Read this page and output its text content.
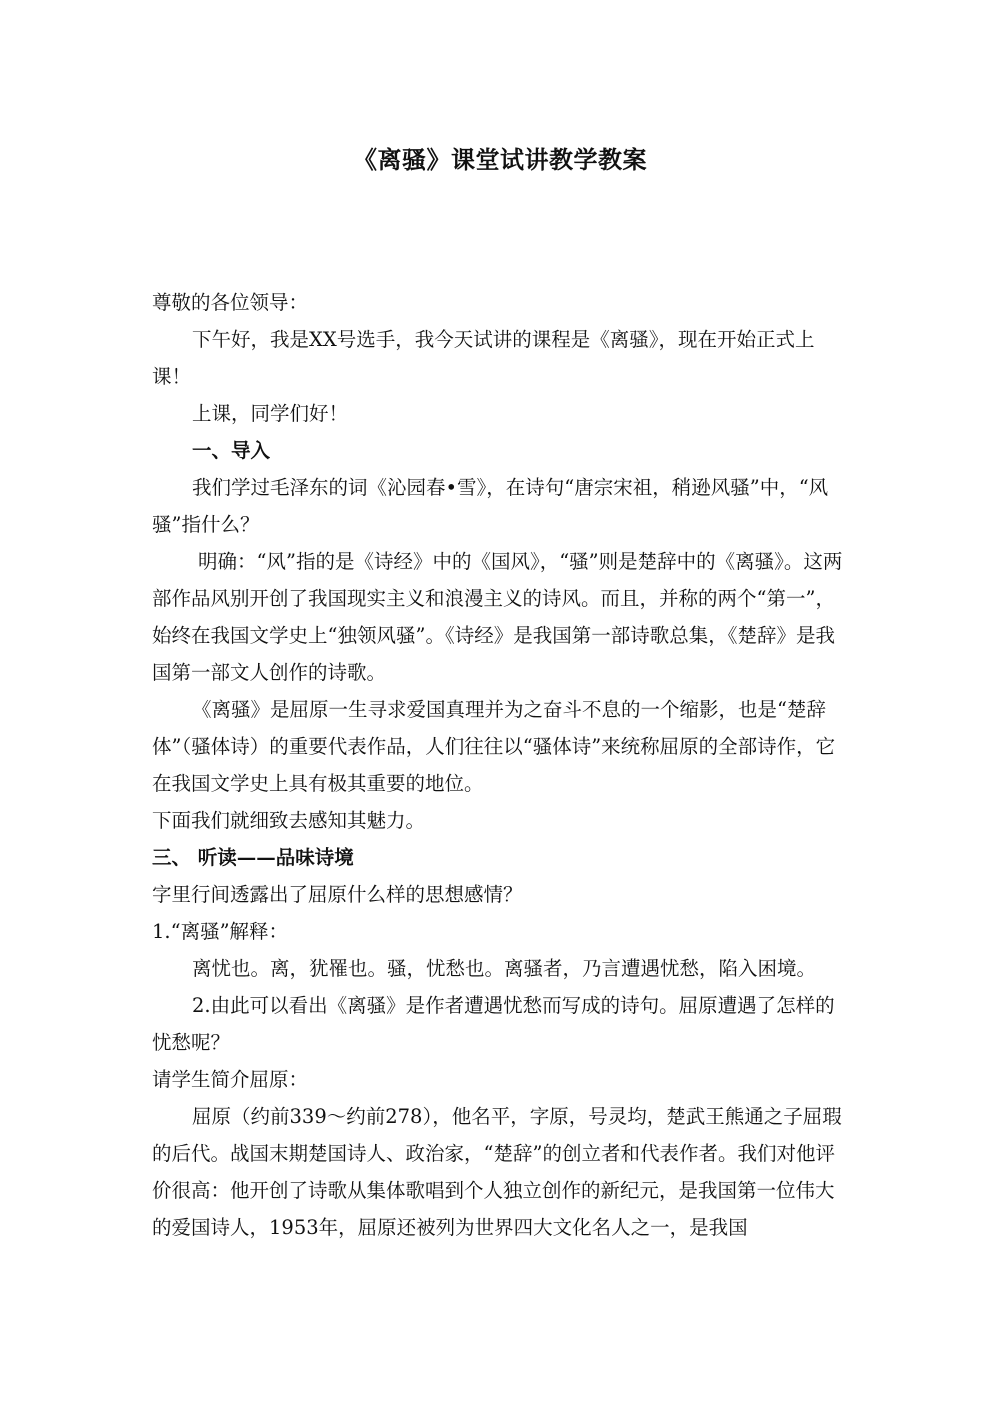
《离骚》课堂试讲教学教案

尊敬的各位领导：

下午好，我是XX号选手，我今天试讲的课程是《离骚》，现在开始正式上课！

上课，同学们好！

一、导入

我们学过毛泽东的词《沁园春•雪》，在诗句“唐宗宋祖，稍逊风骚”中，“风骚”指什么？

明确：“风”指的是《诗经》中的《国风》，“骚”则是楚辞中的《离骚》。这两部作品风别开创了我国现实主义和浪漫主义的诗风。而且，并称的两个“第一”，始终在我国文学史上“独领风骚”。《诗经》是我国第一部诗歌总集，《楚辞》是我国第一部文人创作的诗歌。

《离骚》是屈原一生寻求爱国真理并为之奋斗不息的一个缩影，也是“楚辞体”（骚体诗）的重要代表作品，人们往往以“骚体诗”来统称屈原的全部诗作，它在我国文学史上具有极其重要的地位。

下面我们就细致去感知其魅力。

三、 听读——品味诗境

字里行间透露出了屈原什么样的思想感情？

1.“离骚”解释：

离忧也。离，犹罹也。骚，忧愁也。离骚者，乃言遭遇忧愁，陷入困境。

2.由此可以看出《离骚》是作者遭遇忧愁而写成的诗句。屈原遭遇了怎样的忧愁呢？

请学生简介屈原：

屈原（约前339～约前278），他名平，字原，号灵均，楚武王熊通之子屈瑕的后代。战国末期楚国诗人、政治家，“楚辞”的创立者和代表作者。我们对他评价很高：他开创了诗歌从集体歌唱到个人独立创作的新纪元，是我国第一位伟大的爱国诗人，1953年，屈原还被列为世界四大文化名人之一，是我国
